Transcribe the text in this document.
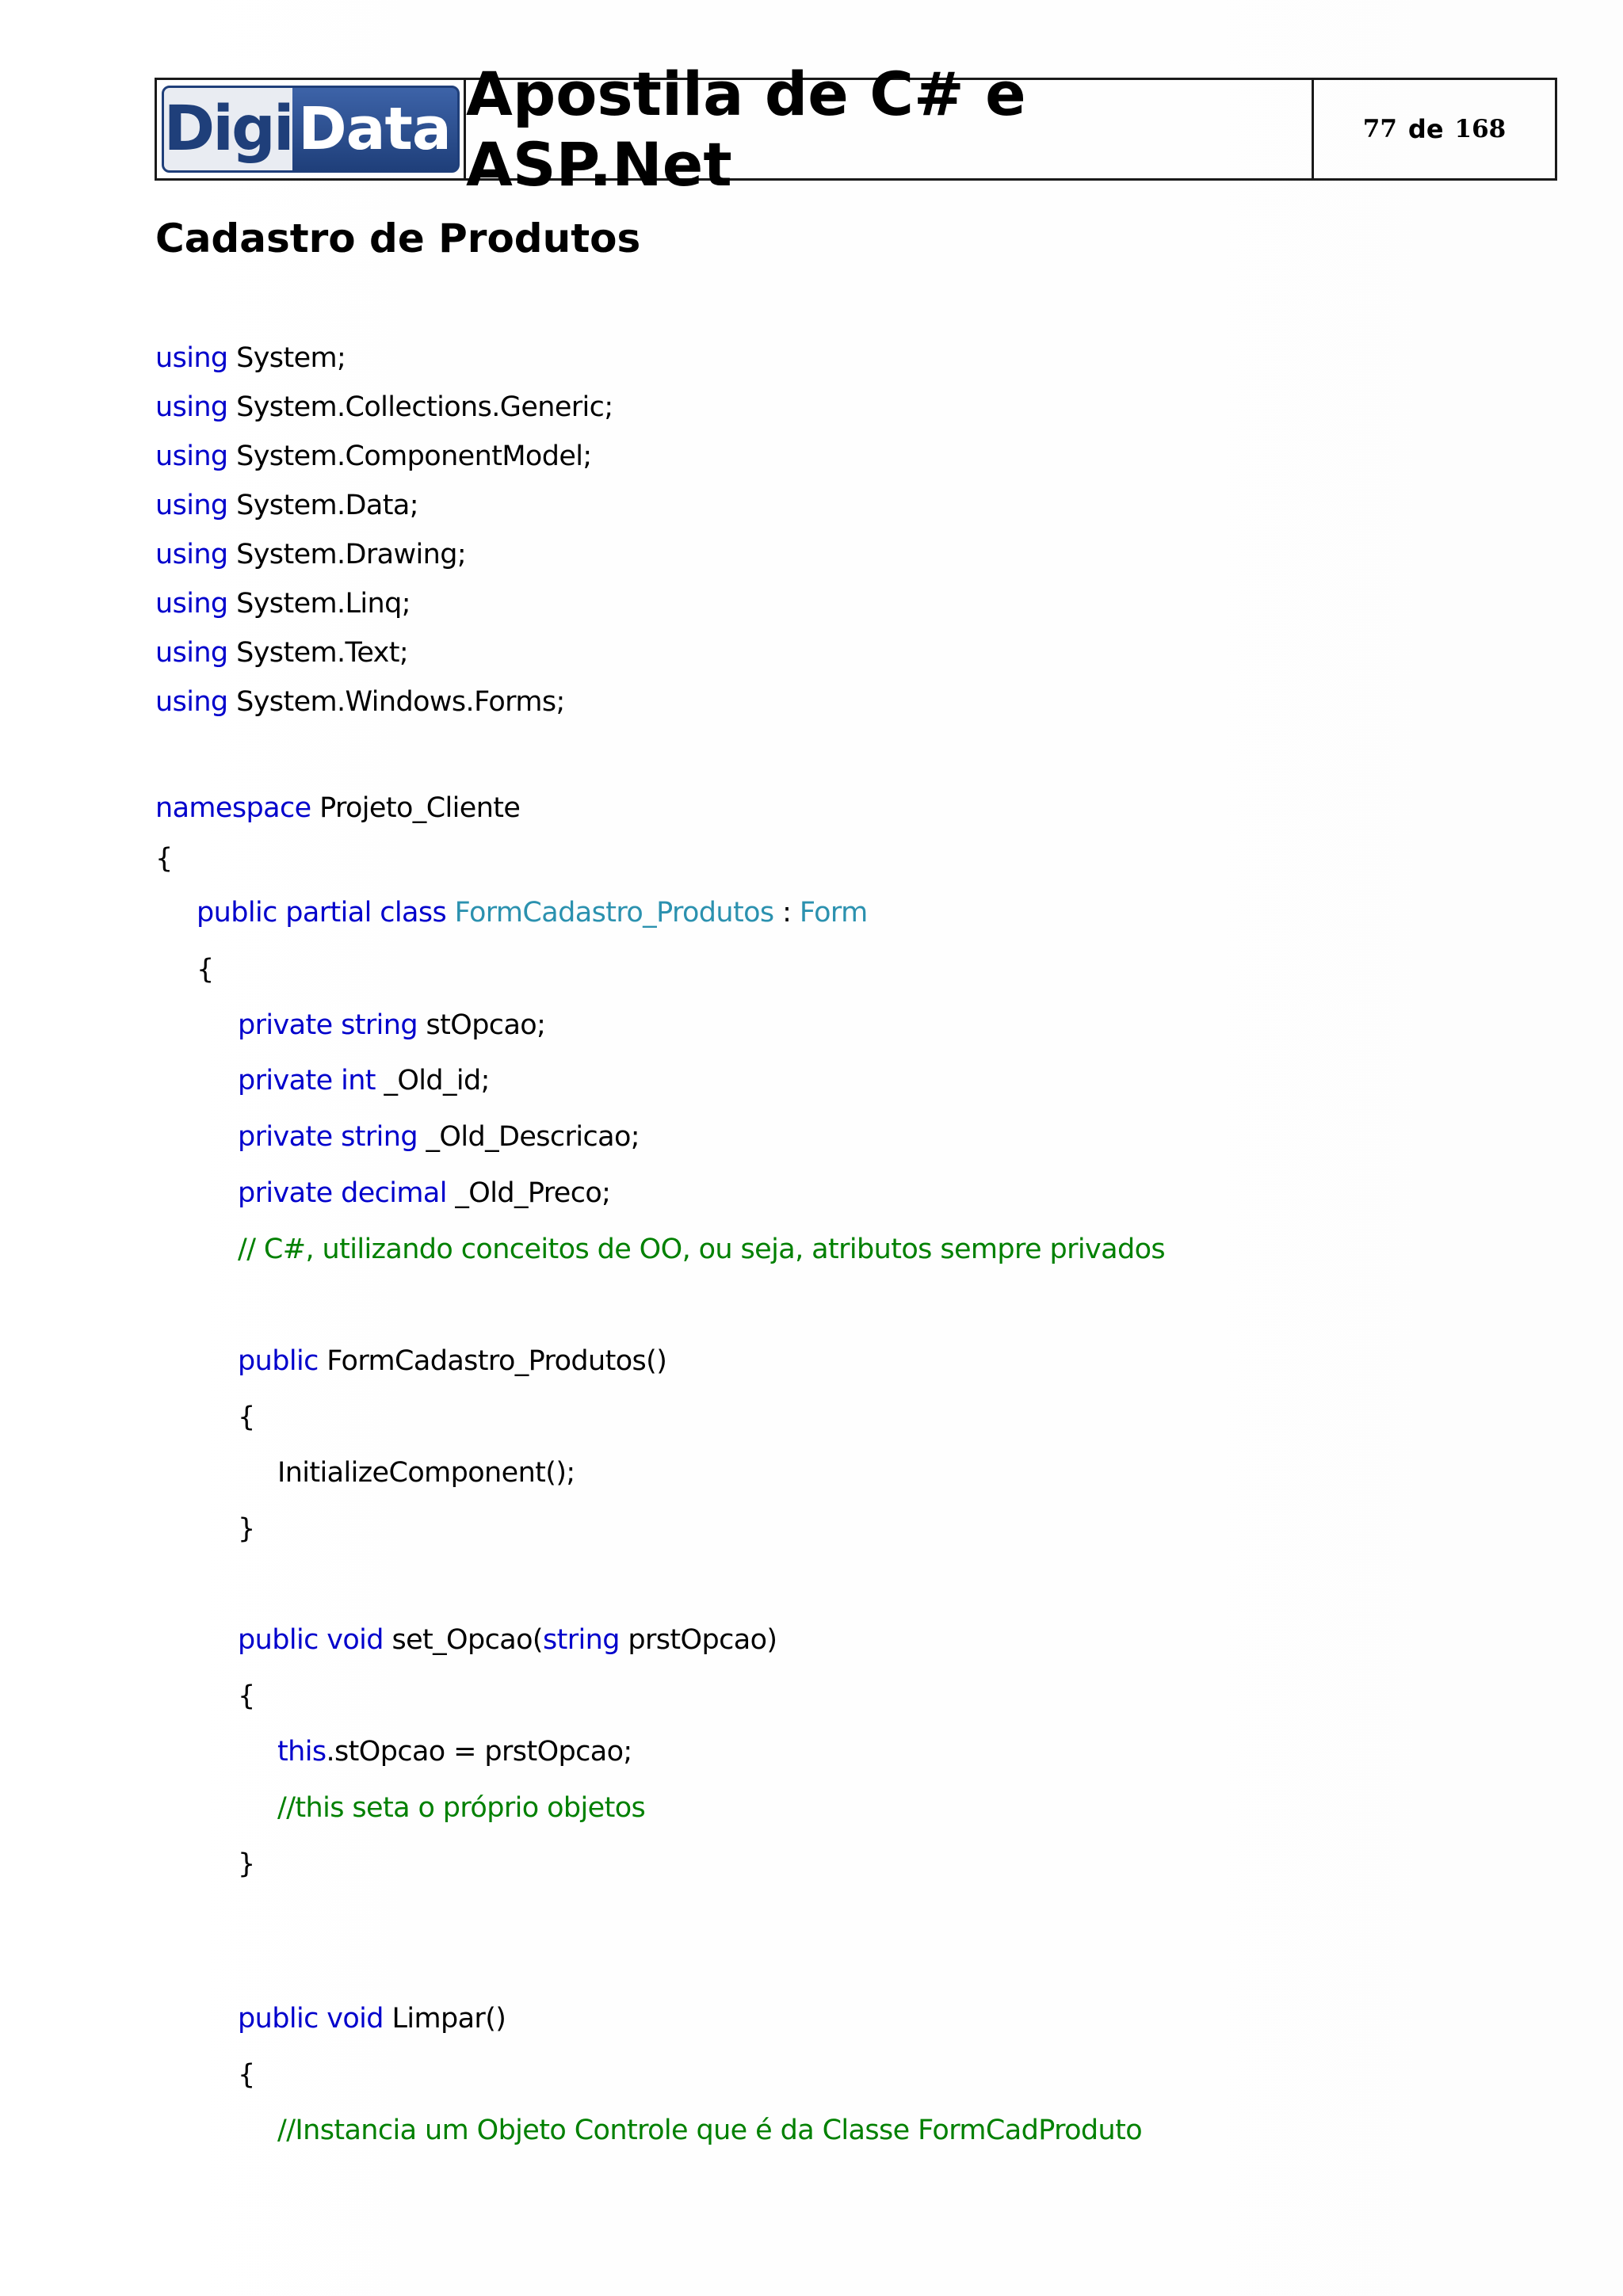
Digi Data Apostila de C# e ASP.Net	77 de 168
Cadastro de Produtos
using System;
using System.Collections.Generic;
using System.ComponentModel;
using System.Data;
using System.Drawing;
using System.Linq;
using System.Text;
using System.Windows.Forms;
namespace Projeto_Cliente
{
public partial class FormCadastro_Produtos : Form
{
private string stOpcao;
private int _Old_id;
private string _Old_Descricao;
private decimal _Old_Preco;
// C#, utilizando conceitos de OO, ou seja, atributos sempre privados
public FormCadastro_Produtos()
{
InitializeComponent();
}
public void set_Opcao(string prstOpcao)
{
this.stOpcao = prstOpcao;
//this seta o próprio objetos
}
public void Limpar()
{
//Instancia um Objeto Controle que é da Classe FormCadProduto
